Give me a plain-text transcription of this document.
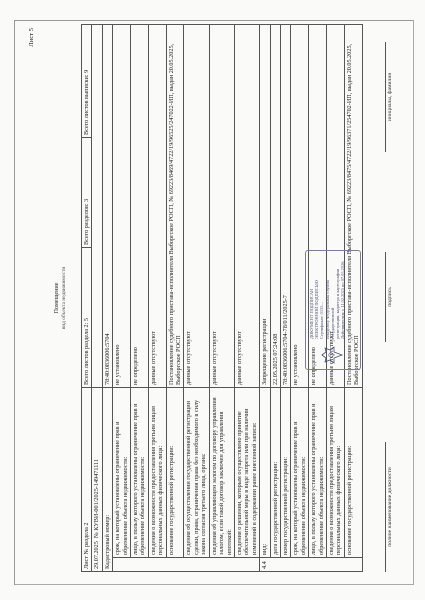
Лист 5
Помещение вид объекта недвижимости
Лист № раздела 2		Всего листов раздела 2: 5	Всего разделов: 3	Всего листов выписки: 9
29.07.2025  № КУВИ-001/2025-149471111				
Кадастровый номер:		78:40:0836006:5704		
	срок, на который установлены ограничение прав и обременение объекта недвижимости:	не установлено		
	лицо, в пользу которого установлены ограничение прав и обременение объекта недвижимости:	не определено		
	сведения о возможности предоставления третьим лицам персональных данных физического лица:	данные отсутствуют		
	основание государственной регистрации:	Постановление судебного пристава-исполнителя Выборгское РОСП, № 69223/8469/4722/19/96525/247022-ИП, выдан 20.05.2025, Выборгское РОСП		
	сведения об осуществлении государственной регистрации сделки, права, ограничения права без необходимого в силу закона согласия третьего лица, органа:	данные отсутствуют		
	сведения об управляющем залогом по договору управления залогом, если такой договор заключен для управления ипотекой:	данные отсутствуют		
	сведения о решении, которым осуществлено принятие обеспечительной меры в виде запрета или при наличии изменений в содержании ранее внесенной записи:	данные отсутствуют		
4.4	вид:	Запрещение регистрации		
	дата государственной регистрации:	22.05.2025 07:24:08		
	номер государственной регистрации:	78:40:0836006:5704-78/011/2025-7		
	срок, на который установлены ограничение прав и обременение объекта недвижимости:	не установлено		
	лицо, в пользу которого установлены ограничение прав и обременение объекта недвижимости:	не определено		
	сведения о возможности предоставления третьим лицам персональных данных физического лица:	данные отсутствуют		
	основание государственной регистрации:	Постановление судебного пристава-исполнителя Выборгское РОСП, № 69223/8475/4722/19/96371/254702-ИП, выдан 20.05.2025, Выборгское РОСП		
ДОКУМЕНТ ПОДПИСАН ЭЛЕКТРОННОЙ ПОДПИСЬЮ Сертификат: 0135... Владелец: Федеральная служба государственной регистрации, кадастра и картографии Действителен: с 11.02.2025 по 07.05.2026
полное наименование должности
подпись
инициалы, фамилия
